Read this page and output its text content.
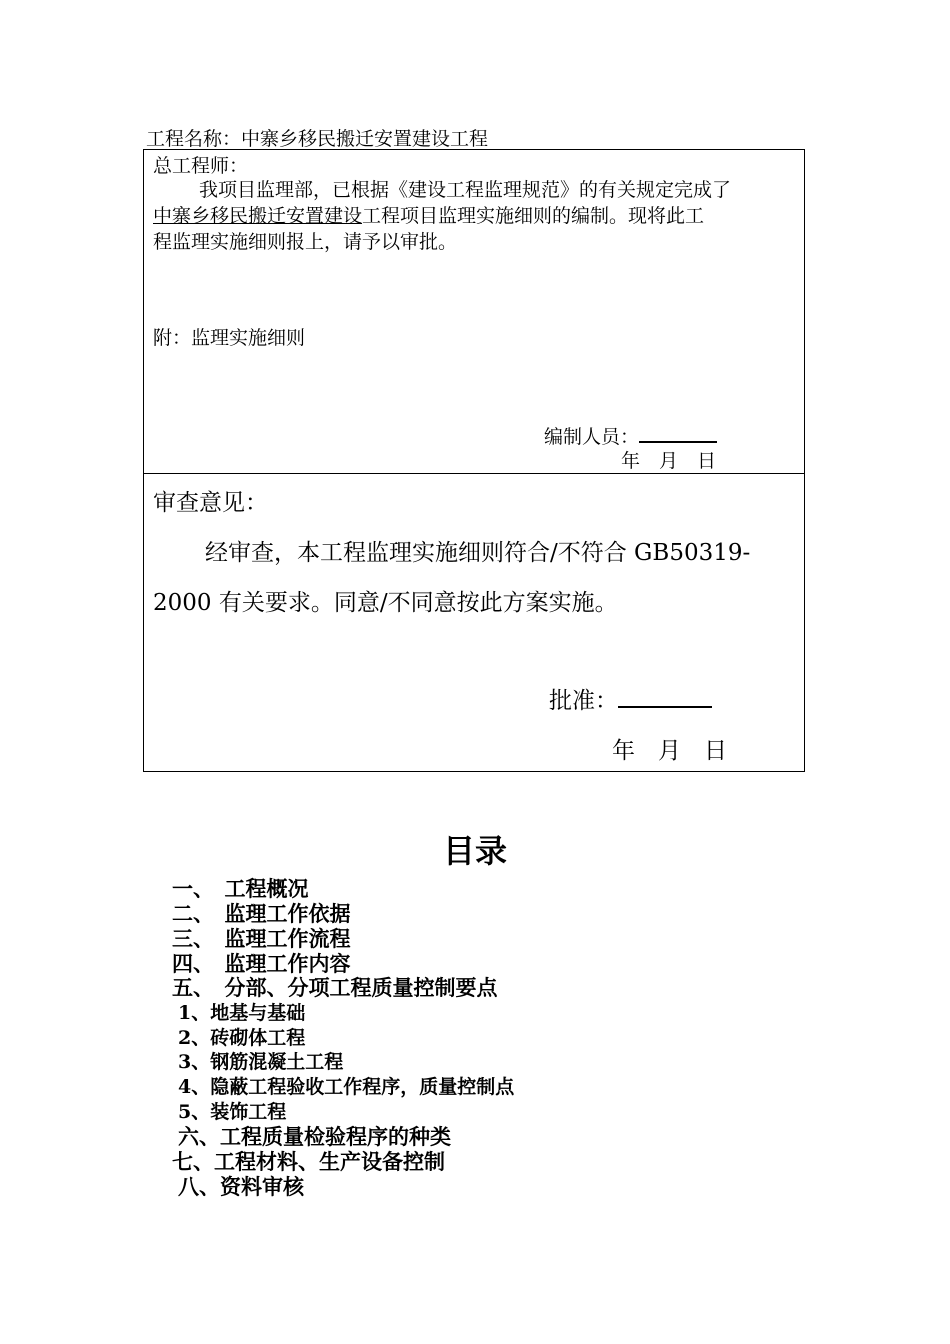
工程名称：中寨乡移民搬迁安置建设工程
总工程师：
我项目监理部，已根据《建设工程监理规范》的有关规定完成了
中寨乡移民搬迁安置建设工程项目监理实施细则的编制。现将此工
程监理实施细则报上，请予以审批。
附：监理实施细则
编制人员：
年　月　日
审查意见：
经审查，本工程监理实施细则符合/不符合 GB50319-
2000 有关要求。同意/不同意按此方案实施。
批准：
年　月　日
目录
一、　工程概况
二、　监理工作依据
三、　监理工作流程
四、　监理工作内容
五、　分部、分项工程质量控制要点
1、地基与基础
2、砖砌体工程
3、钢筋混凝土工程
4、隐蔽工程验收工作程序，质量控制点
5、装饰工程
六、工程质量检验程序的种类
七、工程材料、生产设备控制
八、资料审核
